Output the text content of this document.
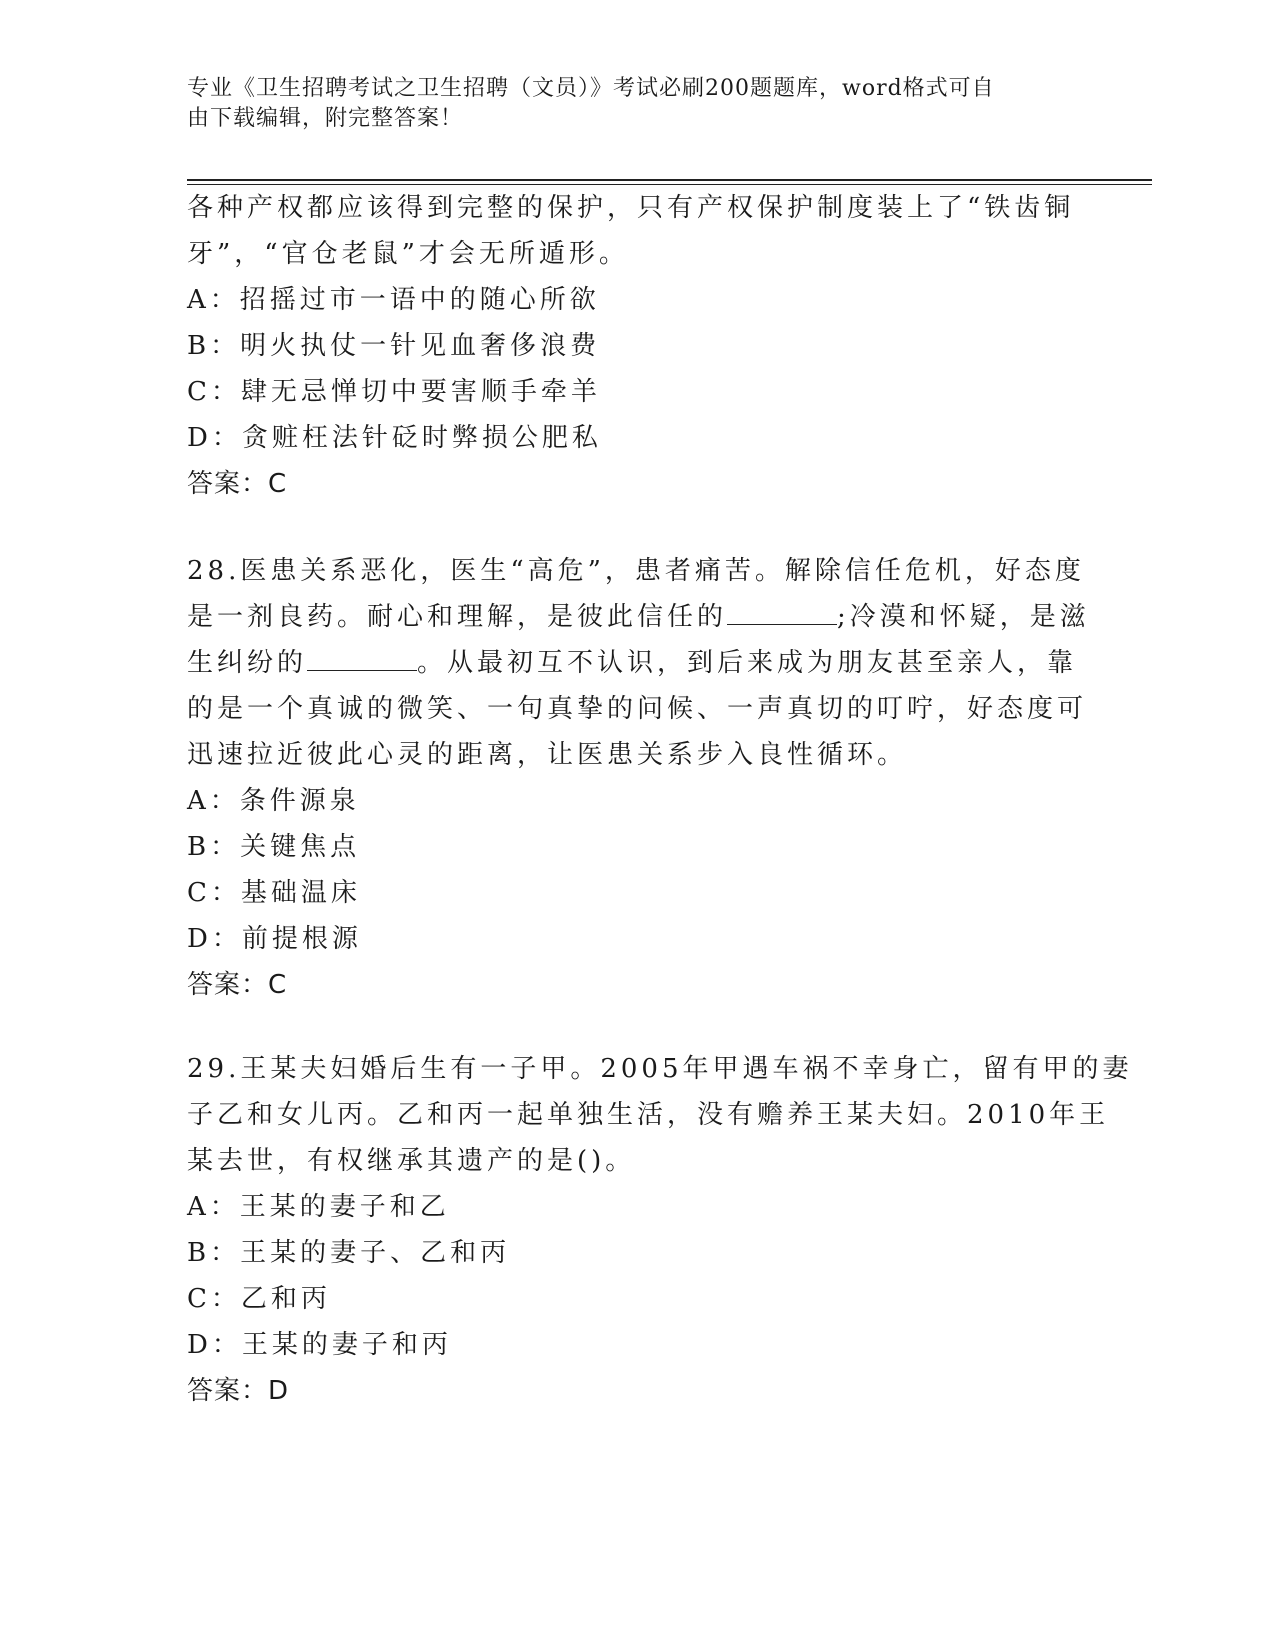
专业《卫生招聘考试之卫生招聘（文员）》考试必刷200题题库，word格式可自
由下载编辑，附完整答案！
各种产权都应该得到完整的保护，只有产权保护制度装上了“铁齿铜
牙”，“官仓老鼠”才会无所遁形。
A：招摇过市一语中的随心所欲
B：明火执仗一针见血奢侈浪费
C：肆无忌惮切中要害顺手牵羊
D：贪赃枉法针砭时弊损公肥私
答案：C
28.医患关系恶化，医生“高危”，患者痛苦。解除信任危机，好态度
是一剂良药。耐心和理解，是彼此信任的	;冷漠和怀疑，是滋
生纠纷的	。从最初互不认识，到后来成为朋友甚至亲人，靠
的是一个真诚的微笑、一句真挚的问候、一声真切的叮咛，好态度可
迅速拉近彼此心灵的距离，让医患关系步入良性循环。
A：条件源泉
B：关键焦点
C：基础温床
D：前提根源
答案：C
29.王某夫妇婚后生有一子甲。2005年甲遇车祸不幸身亡，留有甲的妻
子乙和女儿丙。乙和丙一起单独生活，没有赡养王某夫妇。2010年王
某去世，有权继承其遗产的是()。
A：王某的妻子和乙
B：王某的妻子、乙和丙
C：乙和丙
D：王某的妻子和丙
答案：D
